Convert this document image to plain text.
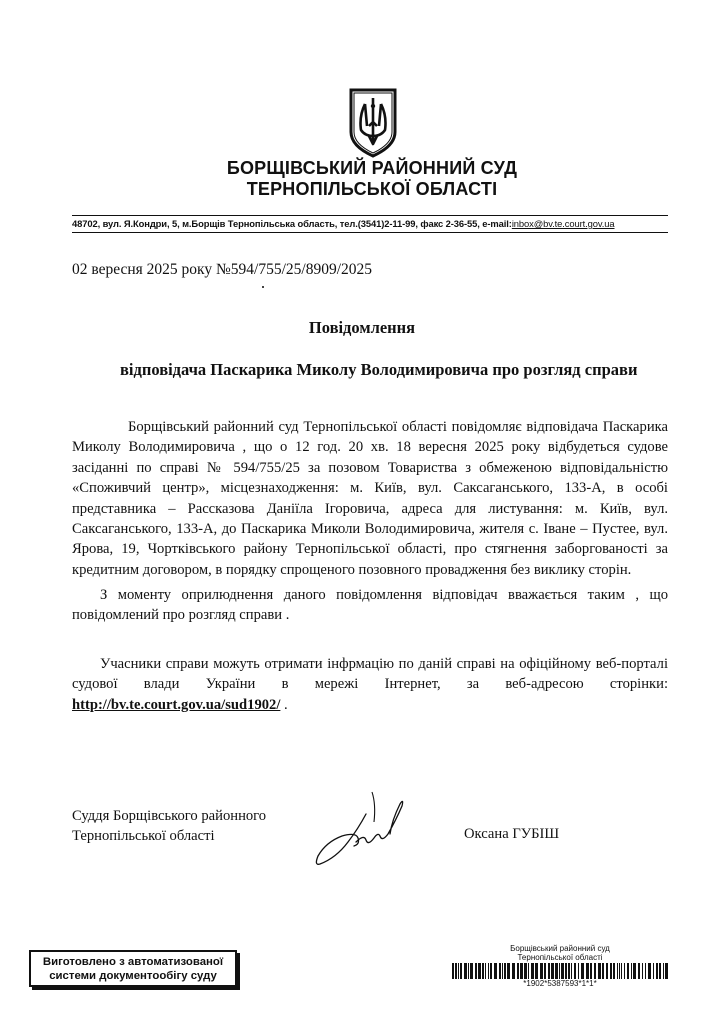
БОРЩІВСЬКИЙ РАЙОННИЙ СУД
ТЕРНОПІЛЬСЬКОЇ ОБЛАСТІ
48702, вул. Я.Кондри, 5, м.Борщів Тернопільська область, тел.(3541)2-11-99, факс 2-36-55, e-mail:inbox@bv.te.court.gov.ua
02 вересня 2025 року №594/755/25/8909/2025
Повідомлення
відповідача Паскарика Миколу Володимировича про розгляд справи
Борщівський районний суд Тернопільської області повідомляє відповідача Паскарика Миколу Володимировича , що о 12 год. 20 хв. 18 вересня 2025 року відбудеться судове засіданні по справі № 594/755/25 за позовом Товариства з обмеженою відповідальністю «Споживчий центр», місцезнаходження: м. Київ, вул. Саксаганського, 133-А, в особі представника – Рассказова Даніїла Ігоровича, адреса для листування: м. Київ, вул. Саксаганського, 133-А, до Паскарика Миколи Володимировича, жителя с. Іване – Пустее, вул. Ярова, 19, Чортківського району Тернопільської області, про стягнення заборгованості за кредитним договором, в порядку спрощеного позовного провадження без виклику сторін.
З моменту оприлюднення даного повідомлення відповідач вважається таким , що повідомлений про розгляд справи .
Учасники справи можуть отримати інфрмацію по даній справі на офіційному веб-порталі судової влади України в мережі Інтернет, за веб-адресою сторінки: http://bv.te.court.gov.ua/sud1902/ .
Суддя Борщівського районного
Тернопільської області	Оксана ГУБІШ
Виготовлено з автоматизованої
системи документообігу суду
Борщівський районний суд
Тернопільської області
*1902*5387593*1*1*
